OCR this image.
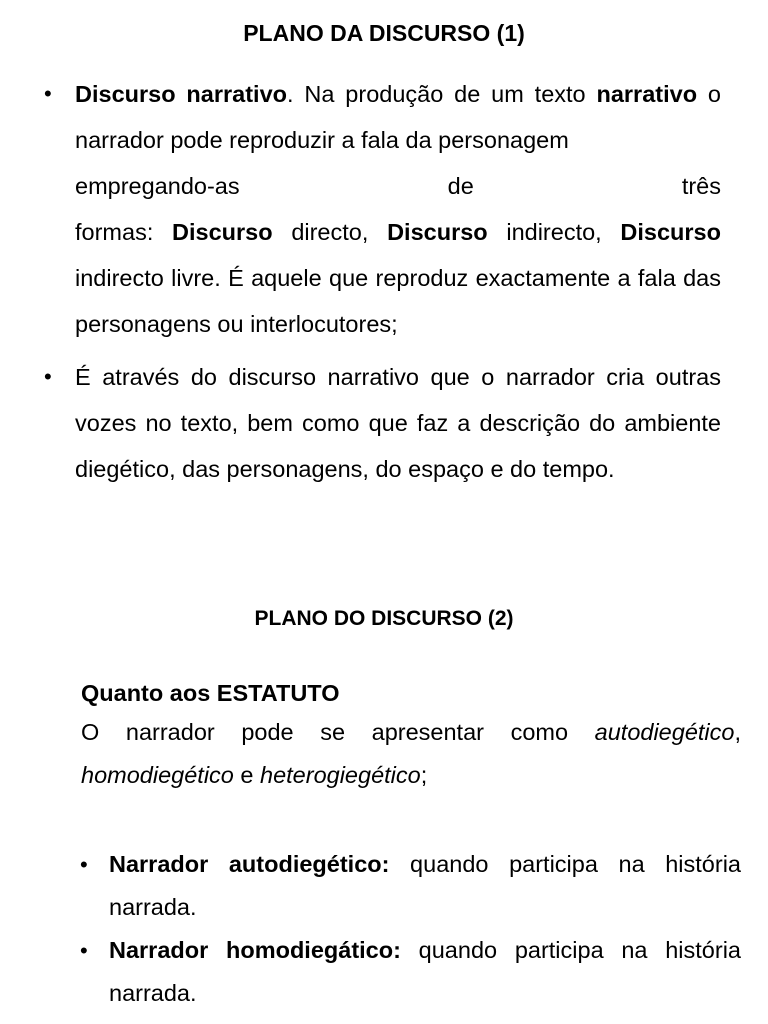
PLANO DA DISCURSO (1)
• Discurso narrativo. Na produção de um texto narrativo o narrador pode reproduzir a fala da personagem
empregando-as de três
formas: Discurso directo, Discurso indirecto, Discurso indirecto livre. É aquele que reproduz exactamente a fala das personagens ou interlocutores;

• É através do discurso narrativo que o narrador cria outras vozes no texto, bem como que faz a descrição do ambiente diegético, das personagens, do espaço e do tempo.

PLANO DO DISCURSO (2)

Quanto aos ESTATUTO

O narrador pode se apresentar como autodiegético, homodiegético e heterogiegético;

• Narrador autodiegético: quando participa na história narrada.

• Narrador homodiegático: quando participa na história narrada.
